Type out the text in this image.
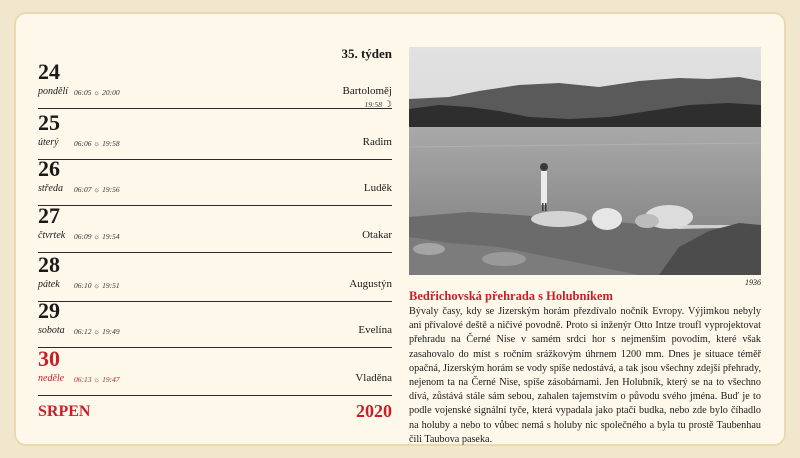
35. týden
24
pondělí 06:05 ☼ 20:00	Bartoloměj
19:58 ☽
25
úterý 06:06 ☼ 19:58	Radim
26
středa 06:07 ☼ 19:56	Luděk
27
čtvrtek 06:09 ☼ 19:54	Otakar
28
pátek 06:10 ☼ 19:51	Augustýn
29
sobota 06:12 ☼ 19:49	Evelína
30
neděle 06:13 ☼ 19:47	Vladěna
SRPEN	2020
1936
Bedřichovská přehrada s Holubníkem
Bývaly časy, kdy se Jizerským horám přezdívalo nočník Evropy. Výjimkou nebyly ani přívalové deště a ničivé povodně. Proto si inženýr Otto Intze troufl vyprojektovat přehradu na Černé Nise v samém srdci hor s nejmenším povodím, které však zasahovalo do míst s ročním srážkovým úhrnem 1200 mm. Dnes je situace téměř opačná, Jizerským horám se vody spíše nedostává, a tak jsou všechny zdejší přehrady, nejenom ta na Černé Nise, spíše zásobárnami. Jen Holubník, který se na to všechno dívá, zůstává stále sám sebou, zahalen tajemstvím o původu svého jména. Buď je to podle vojenské signální tyče, která vypadala jako ptačí budka, nebo zde bylo číhadlo na holuby a nebo to vůbec nemá s holuby nic společného a byla tu prostě Taubenhau čili Taubova paseka.
